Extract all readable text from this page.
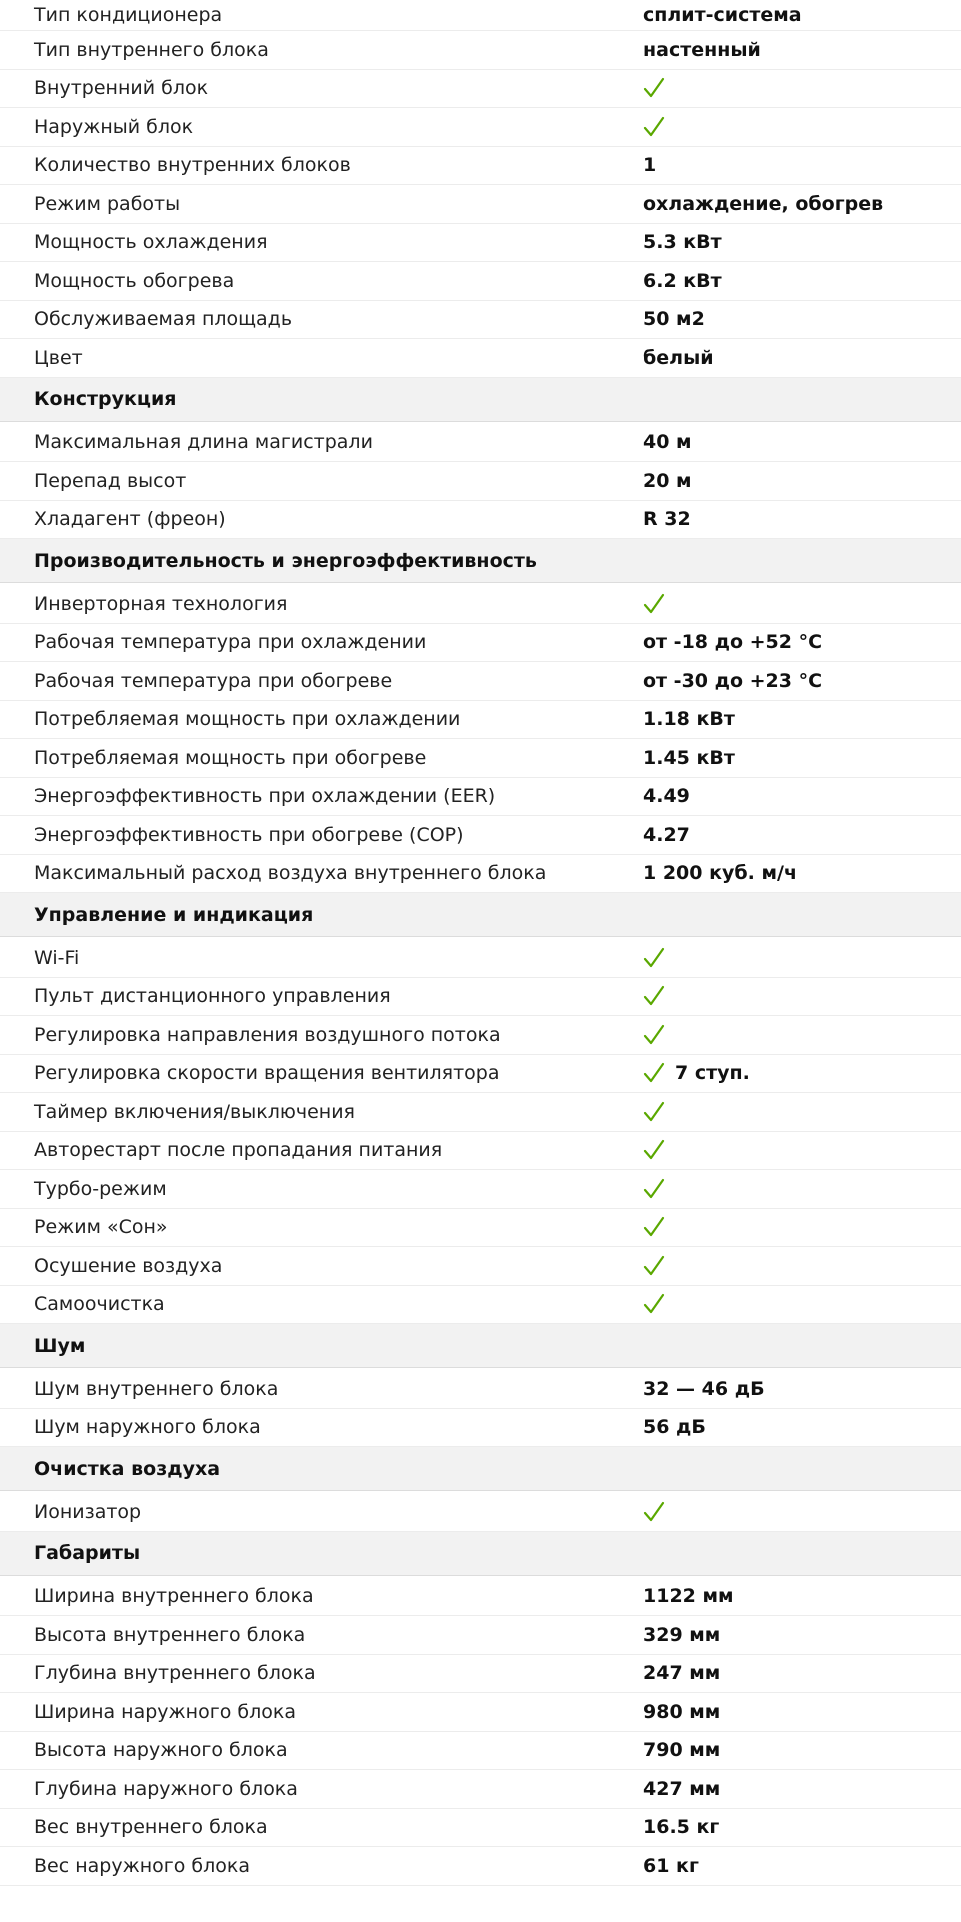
Тип кондиционера	сплит-система
Тип внутреннего блока	настенный
Внутренний блок
Наружный блок
Количество внутренних блоков	1
Режим работы	охлаждение, обогрев
Мощность охлаждения	5.3 кВт
Мощность обогрева	6.2 кВт
Обслуживаемая площадь	50 м2
Цвет	белый
Конструкция
Максимальная длина магистрали	40 м
Перепад высот	20 м
Хладагент (фреон)	R 32
Производительность и энергоэффективность
Инверторная технология
Рабочая температура при охлаждении	от -18 до +52 °C
Рабочая температура при обогреве	от -30 до +23 °C
Потребляемая мощность при охлаждении	1.18 кВт
Потребляемая мощность при обогреве	1.45 кВт
Энергоэффективность при охлаждении (EER)	4.49
Энергоэффективность при обогреве (COP)	4.27
Максимальный расход воздуха внутреннего блока	1 200 куб. м/ч
Управление и индикация
Wi-Fi
Пульт дистанционного управления
Регулировка направления воздушного потока
Регулировка скорости вращения вентилятора	7 ступ.
Таймер включения/выключения
Авторестарт после пропадания питания
Турбо-режим
Режим «Сон»
Осушение воздуха
Самоочистка
Шум
Шум внутреннего блока	32 — 46 дБ
Шум наружного блока	56 дБ
Очистка воздуха
Ионизатор
Габариты
Ширина внутреннего блока	1122 мм
Высота внутреннего блока	329 мм
Глубина внутреннего блока	247 мм
Ширина наружного блока	980 мм
Высота наружного блока	790 мм
Глубина наружного блока	427 мм
Вес внутреннего блока	16.5 кг
Вес наружного блока	61 кг
